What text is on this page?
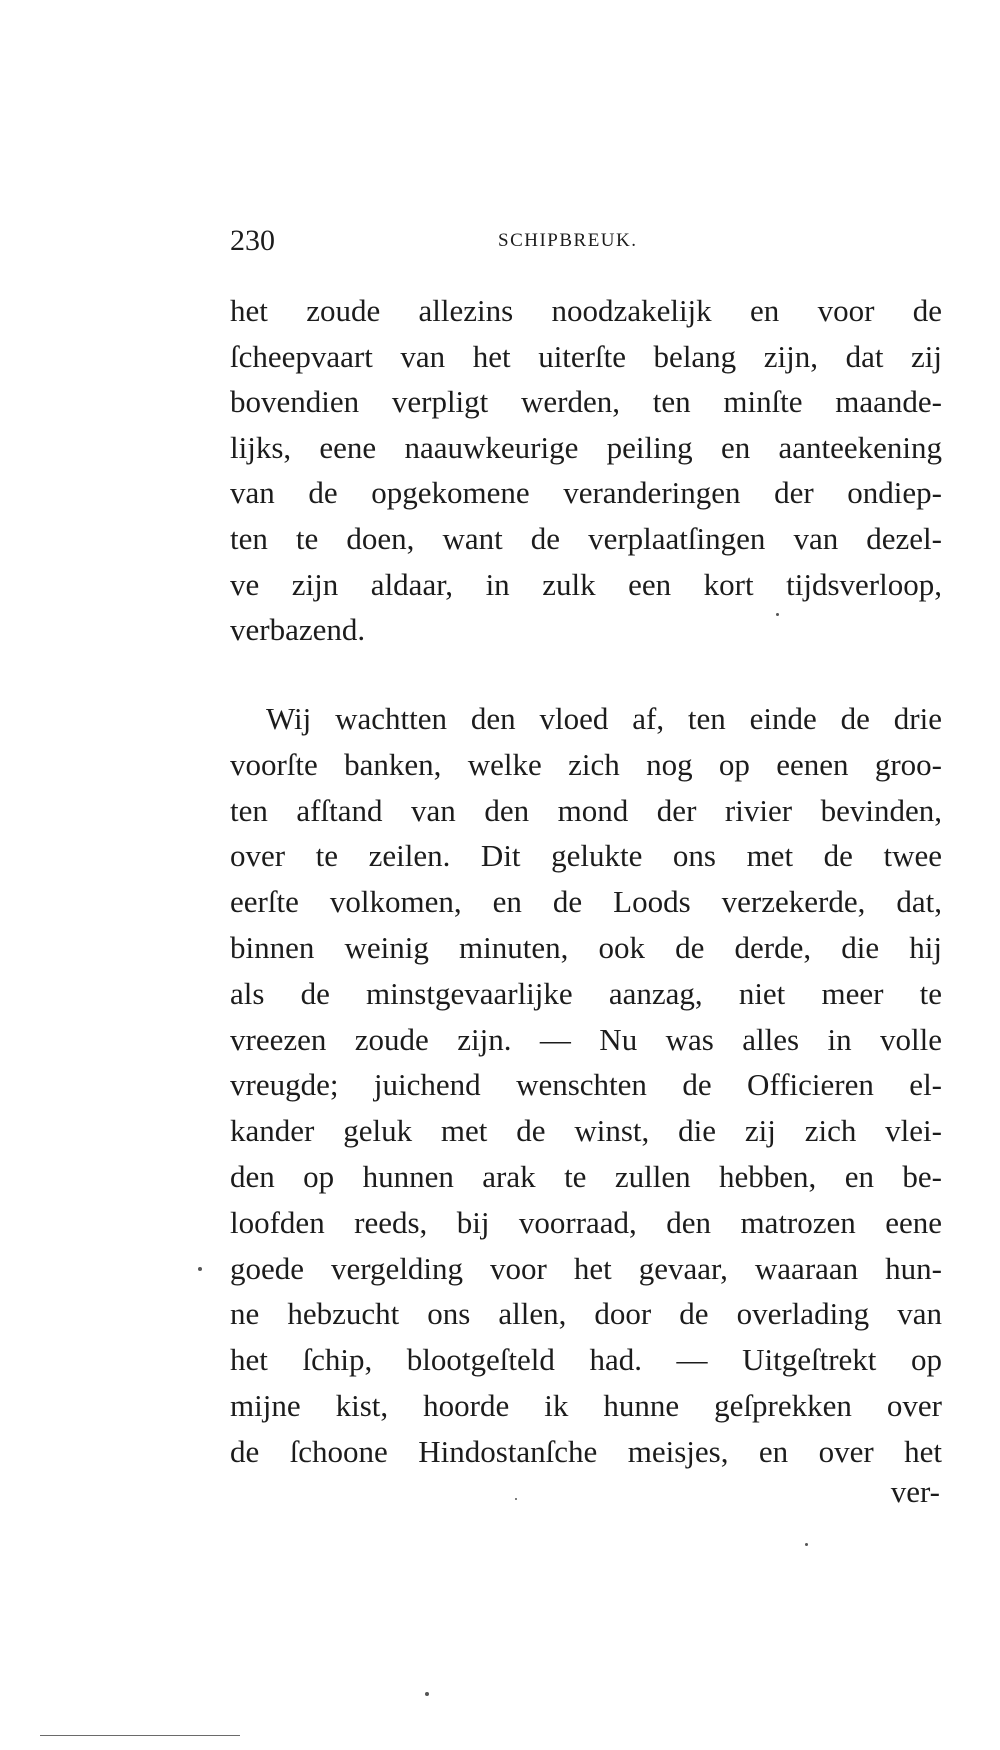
230	SCHIPBREUK.
het zoude allezins noodzakelijk en voor de
ſcheepvaart van het uiterſte belang zijn, dat zij
bovendien verpligt werden, ten minſte maande-
lijks, eene naauwkeurige peiling en aanteekening
van de opgekomene veranderingen der ondiep-
ten te doen, want de verplaatſingen van dezel-
ve zijn aldaar, in zulk een kort tijdsverloop,
verbazend.
Wij wachtten den vloed af, ten einde de drie
voorſte banken, welke zich nog op eenen groo-
ten afſtand van den mond der rivier bevinden,
over te zeilen. Dit gelukte ons met de twee
eerſte volkomen, en de Loods verzekerde, dat,
binnen weinig minuten, ook de derde, die hij
als de minstgevaarlijke aanzag, niet meer te
vreezen zoude zijn. — Nu was alles in volle
vreugde; juichend wenschten de Officieren el-
kander geluk met de winst, die zij zich vlei-
den op hunnen arak te zullen hebben, en be-
loofden reeds, bij voorraad, den matrozen eene
goede vergelding voor het gevaar, waaraan hun-
ne hebzucht ons allen, door de overlading van
het ſchip, blootgeſteld had. — Uitgeſtrekt op
mijne kist, hoorde ik hunne geſprekken over
de ſchoone Hindostanſche meisjes, en over het
ver-
